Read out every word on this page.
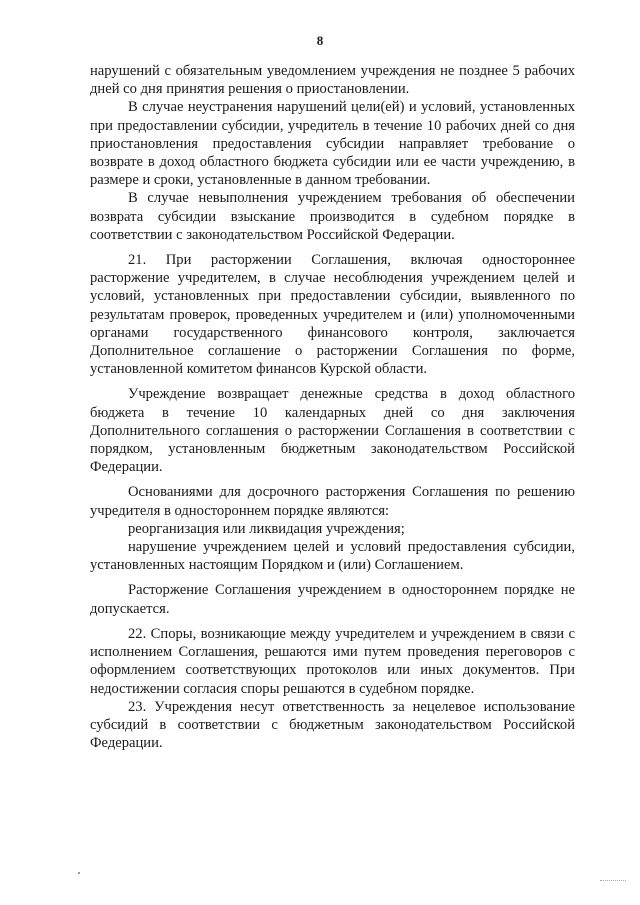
8

нарушений с обязательным уведомлением учреждения не позднее 5 рабочих дней со дня принятия решения о приостановлении.

В случае неустранения нарушений цели(ей) и условий, установленных при предоставлении субсидии, учредитель в течение 10 рабочих дней со дня приостановления предоставления субсидии направляет требование о возврате в доход областного бюджета субсидии или ее части учреждению, в размере и сроки, установленные в данном требовании.

В случае невыполнения учреждением требования об обеспечении возврата субсидии взыскание производится в судебном порядке в соответствии с законодательством Российской Федерации.

21. При расторжении Соглашения, включая одностороннее расторжение учредителем, в случае несоблюдения учреждением целей и условий, установленных при предоставлении субсидии, выявленного по результатам проверок, проведенных учредителем и (или) уполномоченными органами государственного финансового контроля, заключается Дополнительное соглашение о расторжении Соглашения по форме, установленной комитетом финансов Курской области.

Учреждение возвращает денежные средства в доход областного бюджета в течение 10 календарных дней со дня заключения Дополнительного соглашения о расторжении Соглашения в соответствии с порядком, установленным бюджетным законодательством Российской Федерации.

Основаниями для досрочного расторжения Соглашения по решению учредителя в одностороннем порядке являются:

реорганизация или ликвидация учреждения;

нарушение учреждением целей и условий предоставления субсидии, установленных настоящим Порядком и (или) Соглашением.

Расторжение Соглашения учреждением в одностороннем порядке не допускается.

22. Споры, возникающие между учредителем и учреждением в связи с исполнением Соглашения, решаются ими путем проведения переговоров с оформлением соответствующих протоколов или иных документов. При недостижении согласия споры решаются в судебном порядке.

23. Учреждения несут ответственность за нецелевое использование субсидий в соответствии с бюджетным законодательством Российской Федерации.
